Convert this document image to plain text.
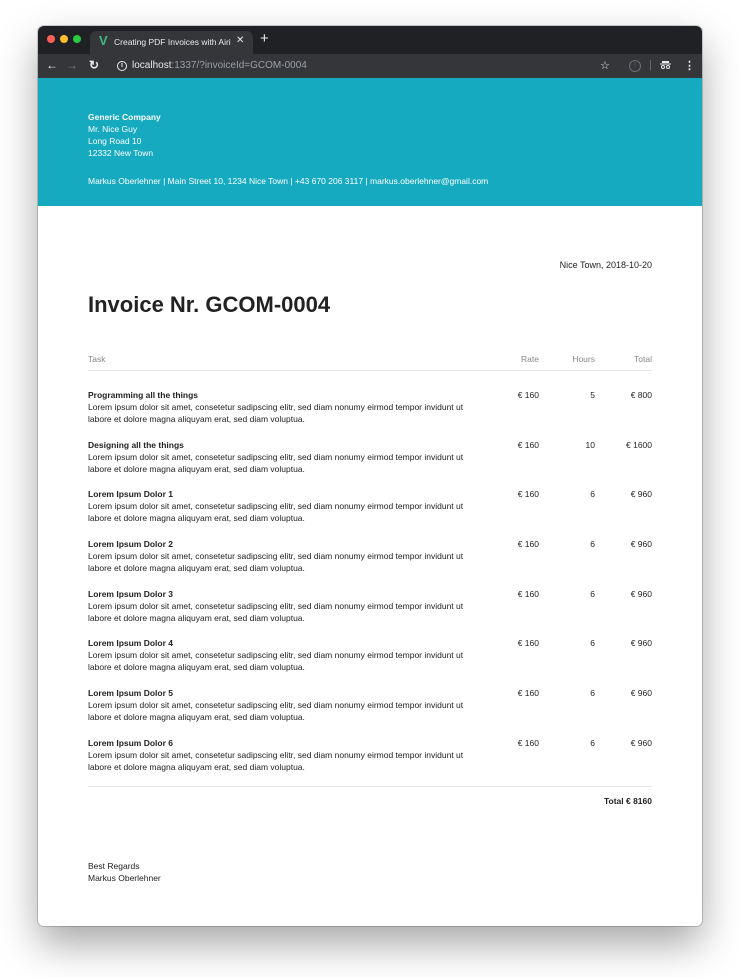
V Creating PDF Invoices with Airi ✕ +
← → ↻	i localhost:1337/?invoiceId=GCOM-0004	☆	!	|	⋮
Generic Company
Mr. Nice Guy
Long Road 10
12332 New Town
Markus Oberlehner | Main Street 10, 1234 Nice Town | +43 670 206 3117 | markus.oberlehner@gmail.com
Nice Town, 2018-10-20
Invoice Nr. GCOM-0004
Task	Rate	Hours	Total
Programming all the things
Lorem ipsum dolor sit amet, consetetur sadipscing elitr, sed diam nonumy eirmod tempor invidunt ut labore et dolore magna aliquyam erat, sed diam voluptua.
€ 160	5	€ 800
Designing all the things
Lorem ipsum dolor sit amet, consetetur sadipscing elitr, sed diam nonumy eirmod tempor invidunt ut labore et dolore magna aliquyam erat, sed diam voluptua.
€ 160	10	€ 1600
Lorem Ipsum Dolor 1
Lorem ipsum dolor sit amet, consetetur sadipscing elitr, sed diam nonumy eirmod tempor invidunt ut labore et dolore magna aliquyam erat, sed diam voluptua.
€ 160	6	€ 960
Lorem Ipsum Dolor 2
Lorem ipsum dolor sit amet, consetetur sadipscing elitr, sed diam nonumy eirmod tempor invidunt ut labore et dolore magna aliquyam erat, sed diam voluptua.
€ 160	6	€ 960
Lorem Ipsum Dolor 3
Lorem ipsum dolor sit amet, consetetur sadipscing elitr, sed diam nonumy eirmod tempor invidunt ut labore et dolore magna aliquyam erat, sed diam voluptua.
€ 160	6	€ 960
Lorem Ipsum Dolor 4
Lorem ipsum dolor sit amet, consetetur sadipscing elitr, sed diam nonumy eirmod tempor invidunt ut labore et dolore magna aliquyam erat, sed diam voluptua.
€ 160	6	€ 960
Lorem Ipsum Dolor 5
Lorem ipsum dolor sit amet, consetetur sadipscing elitr, sed diam nonumy eirmod tempor invidunt ut labore et dolore magna aliquyam erat, sed diam voluptua.
€ 160	6	€ 960
Lorem Ipsum Dolor 6
Lorem ipsum dolor sit amet, consetetur sadipscing elitr, sed diam nonumy eirmod tempor invidunt ut labore et dolore magna aliquyam erat, sed diam voluptua.
€ 160	6	€ 960
Total € 8160
Best Regards
Markus Oberlehner
